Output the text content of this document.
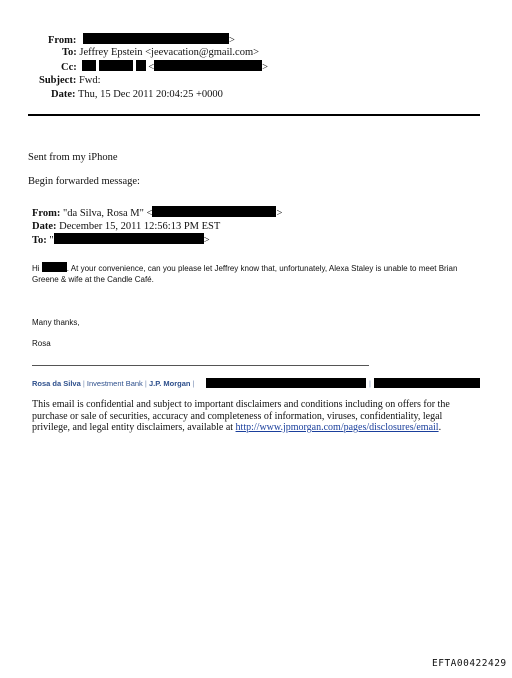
From:	>
To: Jeffrey Epstein <jeevacation@gmail.com>
Cc:	<	>
Subject: Fwd:
Date: Thu, 15 Dec 2011 20:04:25 +0000
Sent from my iPhone
Begin forwarded message:
From: "da Silva, Rosa M" <	>
Date: December 15, 2011 12:56:13 PM EST
To: "	>
Hi	. At your convenience, can you please let Jeffrey know that, unfortunately, Alexa Staley is unable to meet Brian
Greene & wife at the Candle Café.
Many thanks,
Rosa
Rosa da Silva | Investment Bank | J.P. Morgan |	|
This email is confidential and subject to important disclaimers and conditions including on offers for the purchase or sale of securities, accuracy and completeness of information, viruses, confidentiality, legal privilege, and legal entity disclaimers, available at http://www.jpmorgan.com/pages/disclosures/email.
EFTA00422429
